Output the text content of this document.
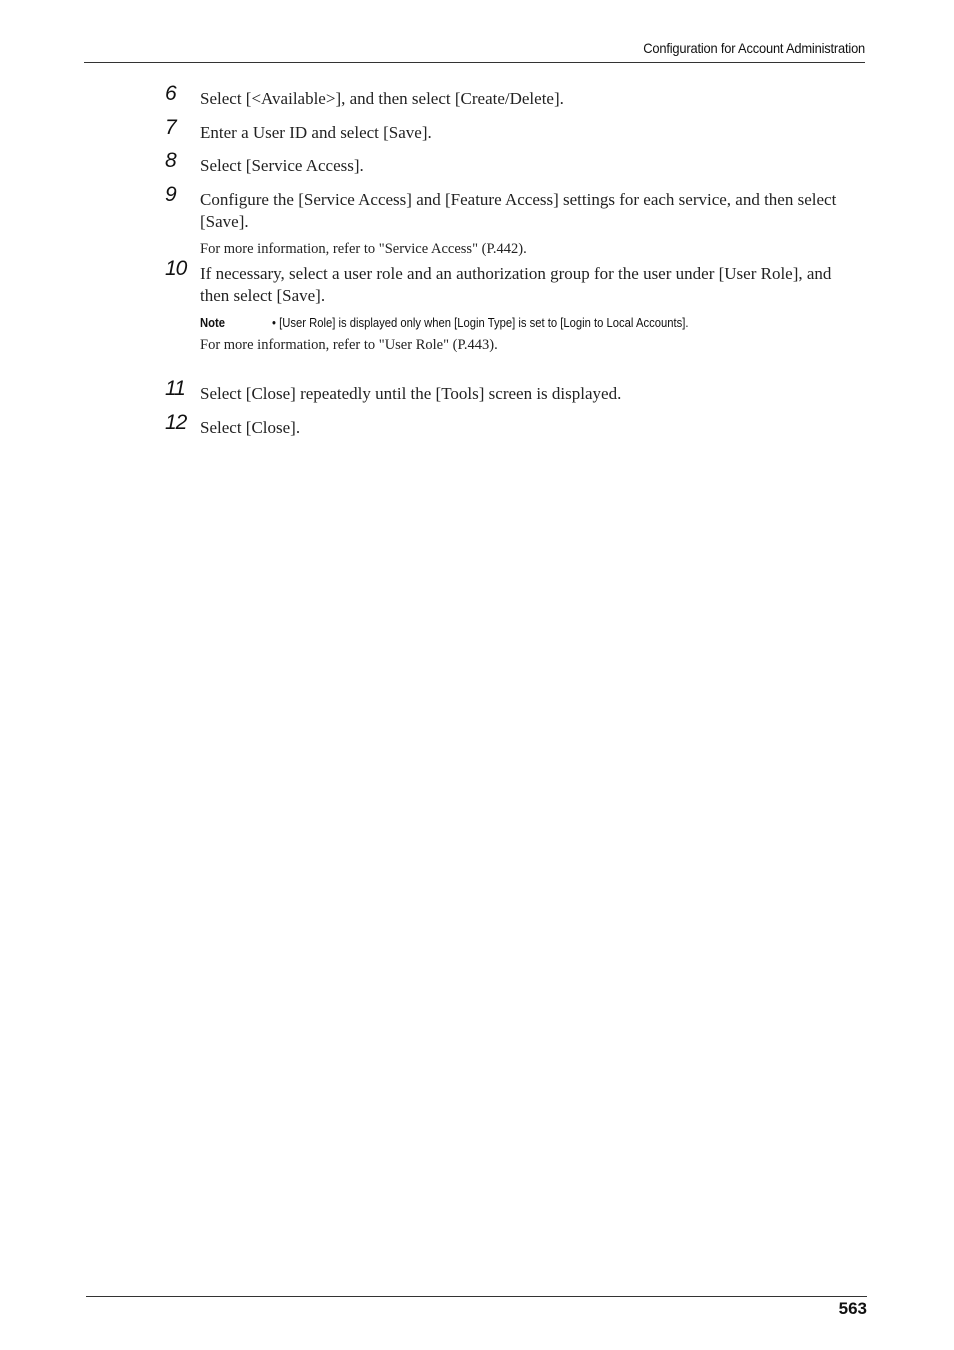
Configuration for Account Administration
6 Select [<Available>], and then select [Create/Delete].
7 Enter a User ID and select [Save].
8 Select [Service Access].
9 Configure the [Service Access] and [Feature Access] settings for each service, and then select [Save].
For more information, refer to "Service Access" (P.442).
10 If necessary, select a user role and an authorization group for the user under [User Role], and then select [Save].
Note	• [User Role] is displayed only when [Login Type] is set to [Login to Local Accounts].
For more information, refer to "User Role" (P.443).
11 Select [Close] repeatedly until the [Tools] screen is displayed.
12 Select [Close].
563
